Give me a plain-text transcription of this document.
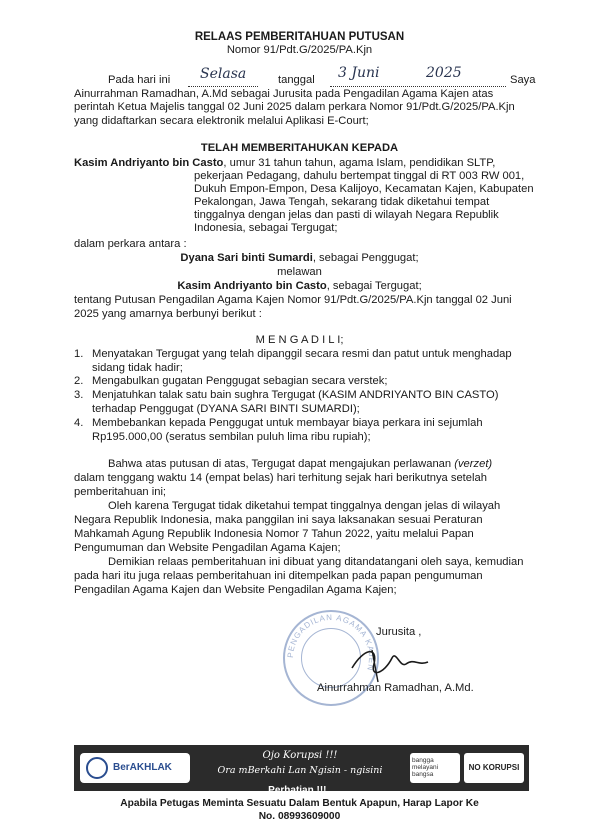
RELAAS PEMBERITAHUAN PUTUSAN
Nomor 91/Pdt.G/2025/PA.Kjn
Pada hari ini Selasa	tanggal 3 Juni	2025	Saya
Ainurrahman Ramadhan, A.Md sebagai Jurusita pada Pengadilan Agama Kajen atas
perintah Ketua Majelis tanggal 02 Juni 2025 dalam perkara Nomor 91/Pdt.G/2025/PA.Kjn
yang didaftarkan secara elektronik melalui Aplikasi E-Court;
TELAH MEMBERITAHUKAN KEPADA
Kasim Andriyanto bin Casto, umur 31 tahun tahun, agama Islam, pendidikan SLTP,
pekerjaan Pedagang, dahulu bertempat tinggal di RT 003 RW 001,
Dukuh Empon-Empon, Desa Kalijoyo, Kecamatan Kajen, Kabupaten
Pekalongan, Jawa Tengah, sekarang tidak diketahui tempat
tinggalnya dengan jelas dan pasti di wilayah Negara Republik
Indonesia, sebagai Tergugat;
dalam perkara antara :
Dyana Sari binti Sumardi, sebagai Penggugat;
melawan
Kasim Andriyanto bin Casto, sebagai Tergugat;
tentang Putusan Pengadilan Agama Kajen Nomor 91/Pdt.G/2025/PA.Kjn tanggal 02 Juni
2025 yang amarnya berbunyi berikut :
M E N G A D I L I;
1. Menyatakan Tergugat yang telah dipanggil secara resmi dan patut untuk menghadap
sidang tidak hadir;
2. Mengabulkan gugatan Penggugat sebagian secara verstek;
3. Menjatuhkan talak satu bain sughra Tergugat (KASIM ANDRIYANTO BIN CASTO)
terhadap Penggugat (DYANA SARI BINTI SUMARDI);
4. Membebankan kepada Penggugat untuk membayar biaya perkara ini sejumlah
Rp195.000,00 (seratus sembilan puluh lima ribu rupiah);
Bahwa atas putusan di atas, Tergugat dapat mengajukan perlawanan (verzet)
dalam tenggang waktu 14 (empat belas) hari terhitung sejak hari berikutnya setelah
pemberitahuan ini;
Oleh karena Tergugat tidak diketahui tempat tinggalnya dengan jelas di wilayah
Negara Republik Indonesia, maka panggilan ini saya laksanakan sesuai Peraturan
Mahkamah Agung Republik Indonesia Nomor 7 Tahun 2022, yaitu melalui Papan
Pengumuman dan Website Pengadilan Agama Kajen;
Demikian relaas pemberitahuan ini dibuat yang ditandatangani oleh saya, kemudian
pada hari itu juga relaas pemberitahuan ini ditempelkan pada papan pengumuman
Pengadilan Agama Kajen dan Website Pengadilan Agama Kajen;
PENGADILAN AGAMA KAJEN
Jurusita ,
Ainurrahman Ramadhan, A.Md.
BerAKHLAK
Ojo Korupsi !!!
Ora mBerkahi Lan Ngisin - ngisini
bangga melayani bangsa
NO KORUPSI
Perhatian !!!...
Apabila Petugas Meminta Sesuatu Dalam Bentuk Apapun, Harap Lapor Ke
No. 08993609000
